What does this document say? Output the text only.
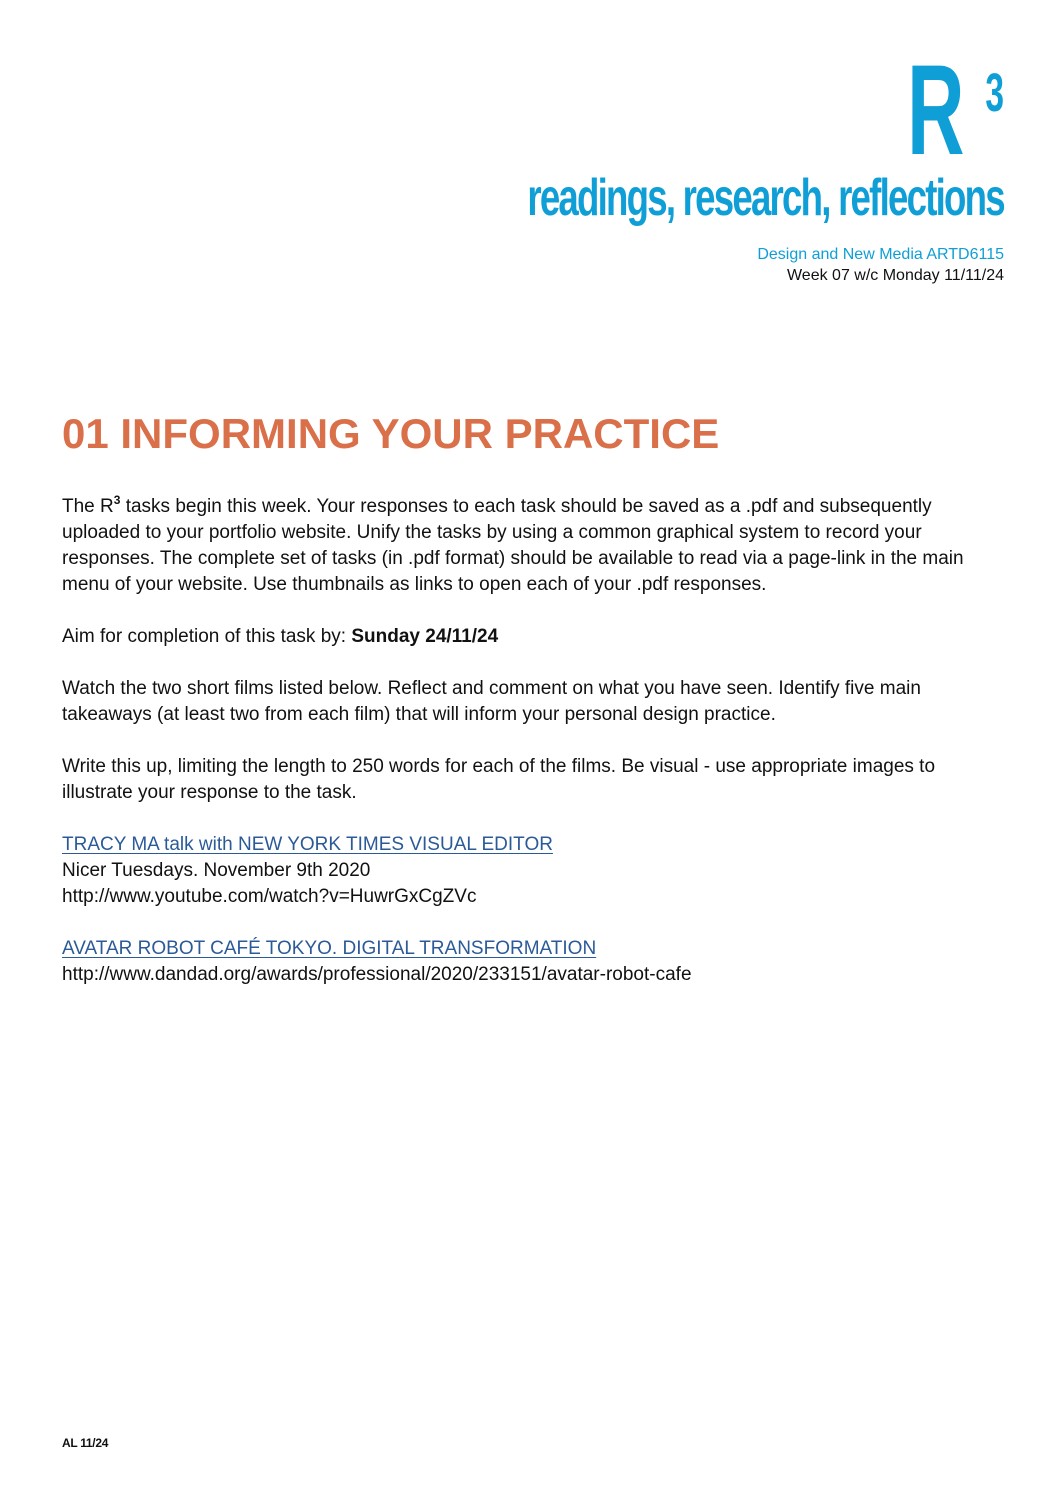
R 3
readings, research, reflections
Design and New Media ARTD6115
Week 07 w/c Monday 11/11/24
01 INFORMING YOUR PRACTICE

The $R^3$ tasks begin this week. Your responses to each task should be saved as a .pdf and subsequently uploaded to your portfolio website. Unify the tasks by using a common graphical system to record your responses. The complete set of tasks (in .pdf format) should be available to read via a page-link in the main menu of your website. Use thumbnails as links to open each of your .pdf responses.

Aim for completion of this task by: Sunday 24/11/24

Watch the two short films listed below. Reflect and comment on what you have seen. Identify five main takeaways (at least two from each film) that will inform your personal design practice.

Write this up, limiting the length to 250 words for each of the films. Be visual - use appropriate images to illustrate your response to the task.

TRACY MA talk with NEW YORK TIMES VISUAL EDITOR
Nicer Tuesdays. November 9th 2020
http://www.youtube.com/watch?v=HuwrGxCgZVc
AVATAR ROBOT CAFÉ TOKYO. DIGITAL TRANSFORMATION
http://www.dandad.org/awards/professional/2020/233151/avatar-robot-cafe
AL 11/24
